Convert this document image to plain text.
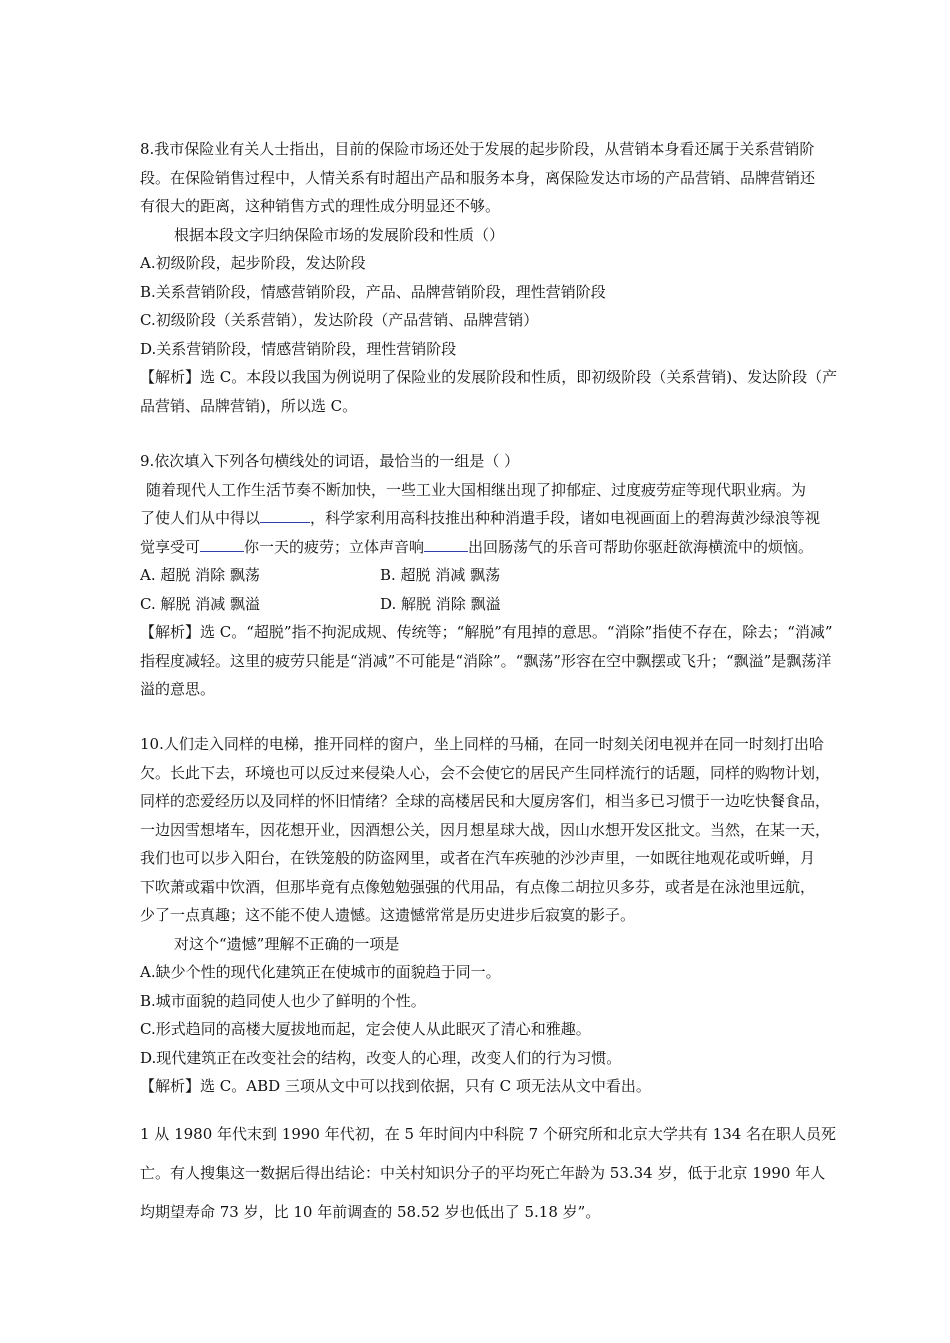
8.我市保险业有关人士指出，目前的保险市场还处于发展的起步阶段，从营销本身看还属于关系营销阶
段。在保险销售过程中，人情关系有时超出产品和服务本身，离保险发达市场的产品营销、品牌营销还
有很大的距离，这种销售方式的理性成分明显还不够。
根据本段文字归纳保险市场的发展阶段和性质（）
A.初级阶段，起步阶段，发达阶段
B.关系营销阶段，情感营销阶段，产品、品牌营销阶段，理性营销阶段
C.初级阶段（关系营销），发达阶段（产品营销、品牌营销）
D.关系营销阶段，情感营销阶段，理性营销阶段
【解析】选 C。本段以我国为例说明了保险业的发展阶段和性质，即初级阶段（关系营销)、发达阶段（产
品营销、品牌营销)，所以选 C。
9.依次填入下列各句横线处的词语，最恰当的一组是（ ）
随着现代人工作生活节奏不断加快，一些工业大国相继出现了抑郁症、过度疲劳症等现代职业病。为
了使人们从中得以	，科学家利用高科技推出种种消遣手段，诸如电视画面上的碧海黄沙绿浪等视
觉享受可	你一天的疲劳；立体声音响	出回肠荡气的乐音可帮助你驱赶欲海横流中的烦恼。
A. 超脱 消除 飘荡	B. 超脱 消减 飘荡
C. 解脱 消减 飘溢	D. 解脱 消除 飘溢
【解析】选 C。“超脱”指不拘泥成规、传统等；“解脱”有甩掉的意思。“消除”指使不存在，除去；“消减”
指程度减轻。这里的疲劳只能是“消减”不可能是“消除”。“飘荡”形容在空中飘摆或飞升；“飘溢”是飘荡洋
溢的意思。
10.人们走入同样的电梯，推开同样的窗户，坐上同样的马桶，在同一时刻关闭电视并在同一时刻打出哈
欠。长此下去，环境也可以反过来侵染人心，会不会使它的居民产生同样流行的话题，同样的购物计划，
同样的恋爱经历以及同样的怀旧情绪？全球的高楼居民和大厦房客们，相当多已习惯于一边吃快餐食品，
一边因雪想堵车，因花想开业，因酒想公关，因月想星球大战，因山水想开发区批文。当然，在某一天，
我们也可以步入阳台，在铁笼般的防盗网里，或者在汽车疾驰的沙沙声里，一如既往地观花或听蝉，月
下吹萧或霜中饮酒，但那毕竟有点像勉勉强强的代用品，有点像二胡拉贝多芬，或者是在泳池里远航，
少了一点真趣；这不能不使人遗憾。这遗憾常常是历史进步后寂寞的影子。
对这个“遗憾”理解不正确的一项是
A.缺少个性的现代化建筑正在使城市的面貌趋于同一。
B.城市面貌的趋同使人也少了鲜明的个性。
C.形式趋同的高楼大厦拔地而起，定会使人从此眠灭了清心和雅趣。
D.现代建筑正在改变社会的结构，改变人的心理，改变人们的行为习惯。
【解析】选 C。ABD 三项从文中可以找到依据，只有 C 项无法从文中看出。
1 从 1980 年代末到 1990 年代初，在 5 年时间内中科院 7 个研究所和北京大学共有 134 名在职人员死
亡。有人搜集这一数据后得出结论：中关村知识分子的平均死亡年龄为 53.34 岁，低于北京 1990 年人
均期望寿命 73 岁，比 10 年前调查的 58.52 岁也低出了 5.18 岁”。
